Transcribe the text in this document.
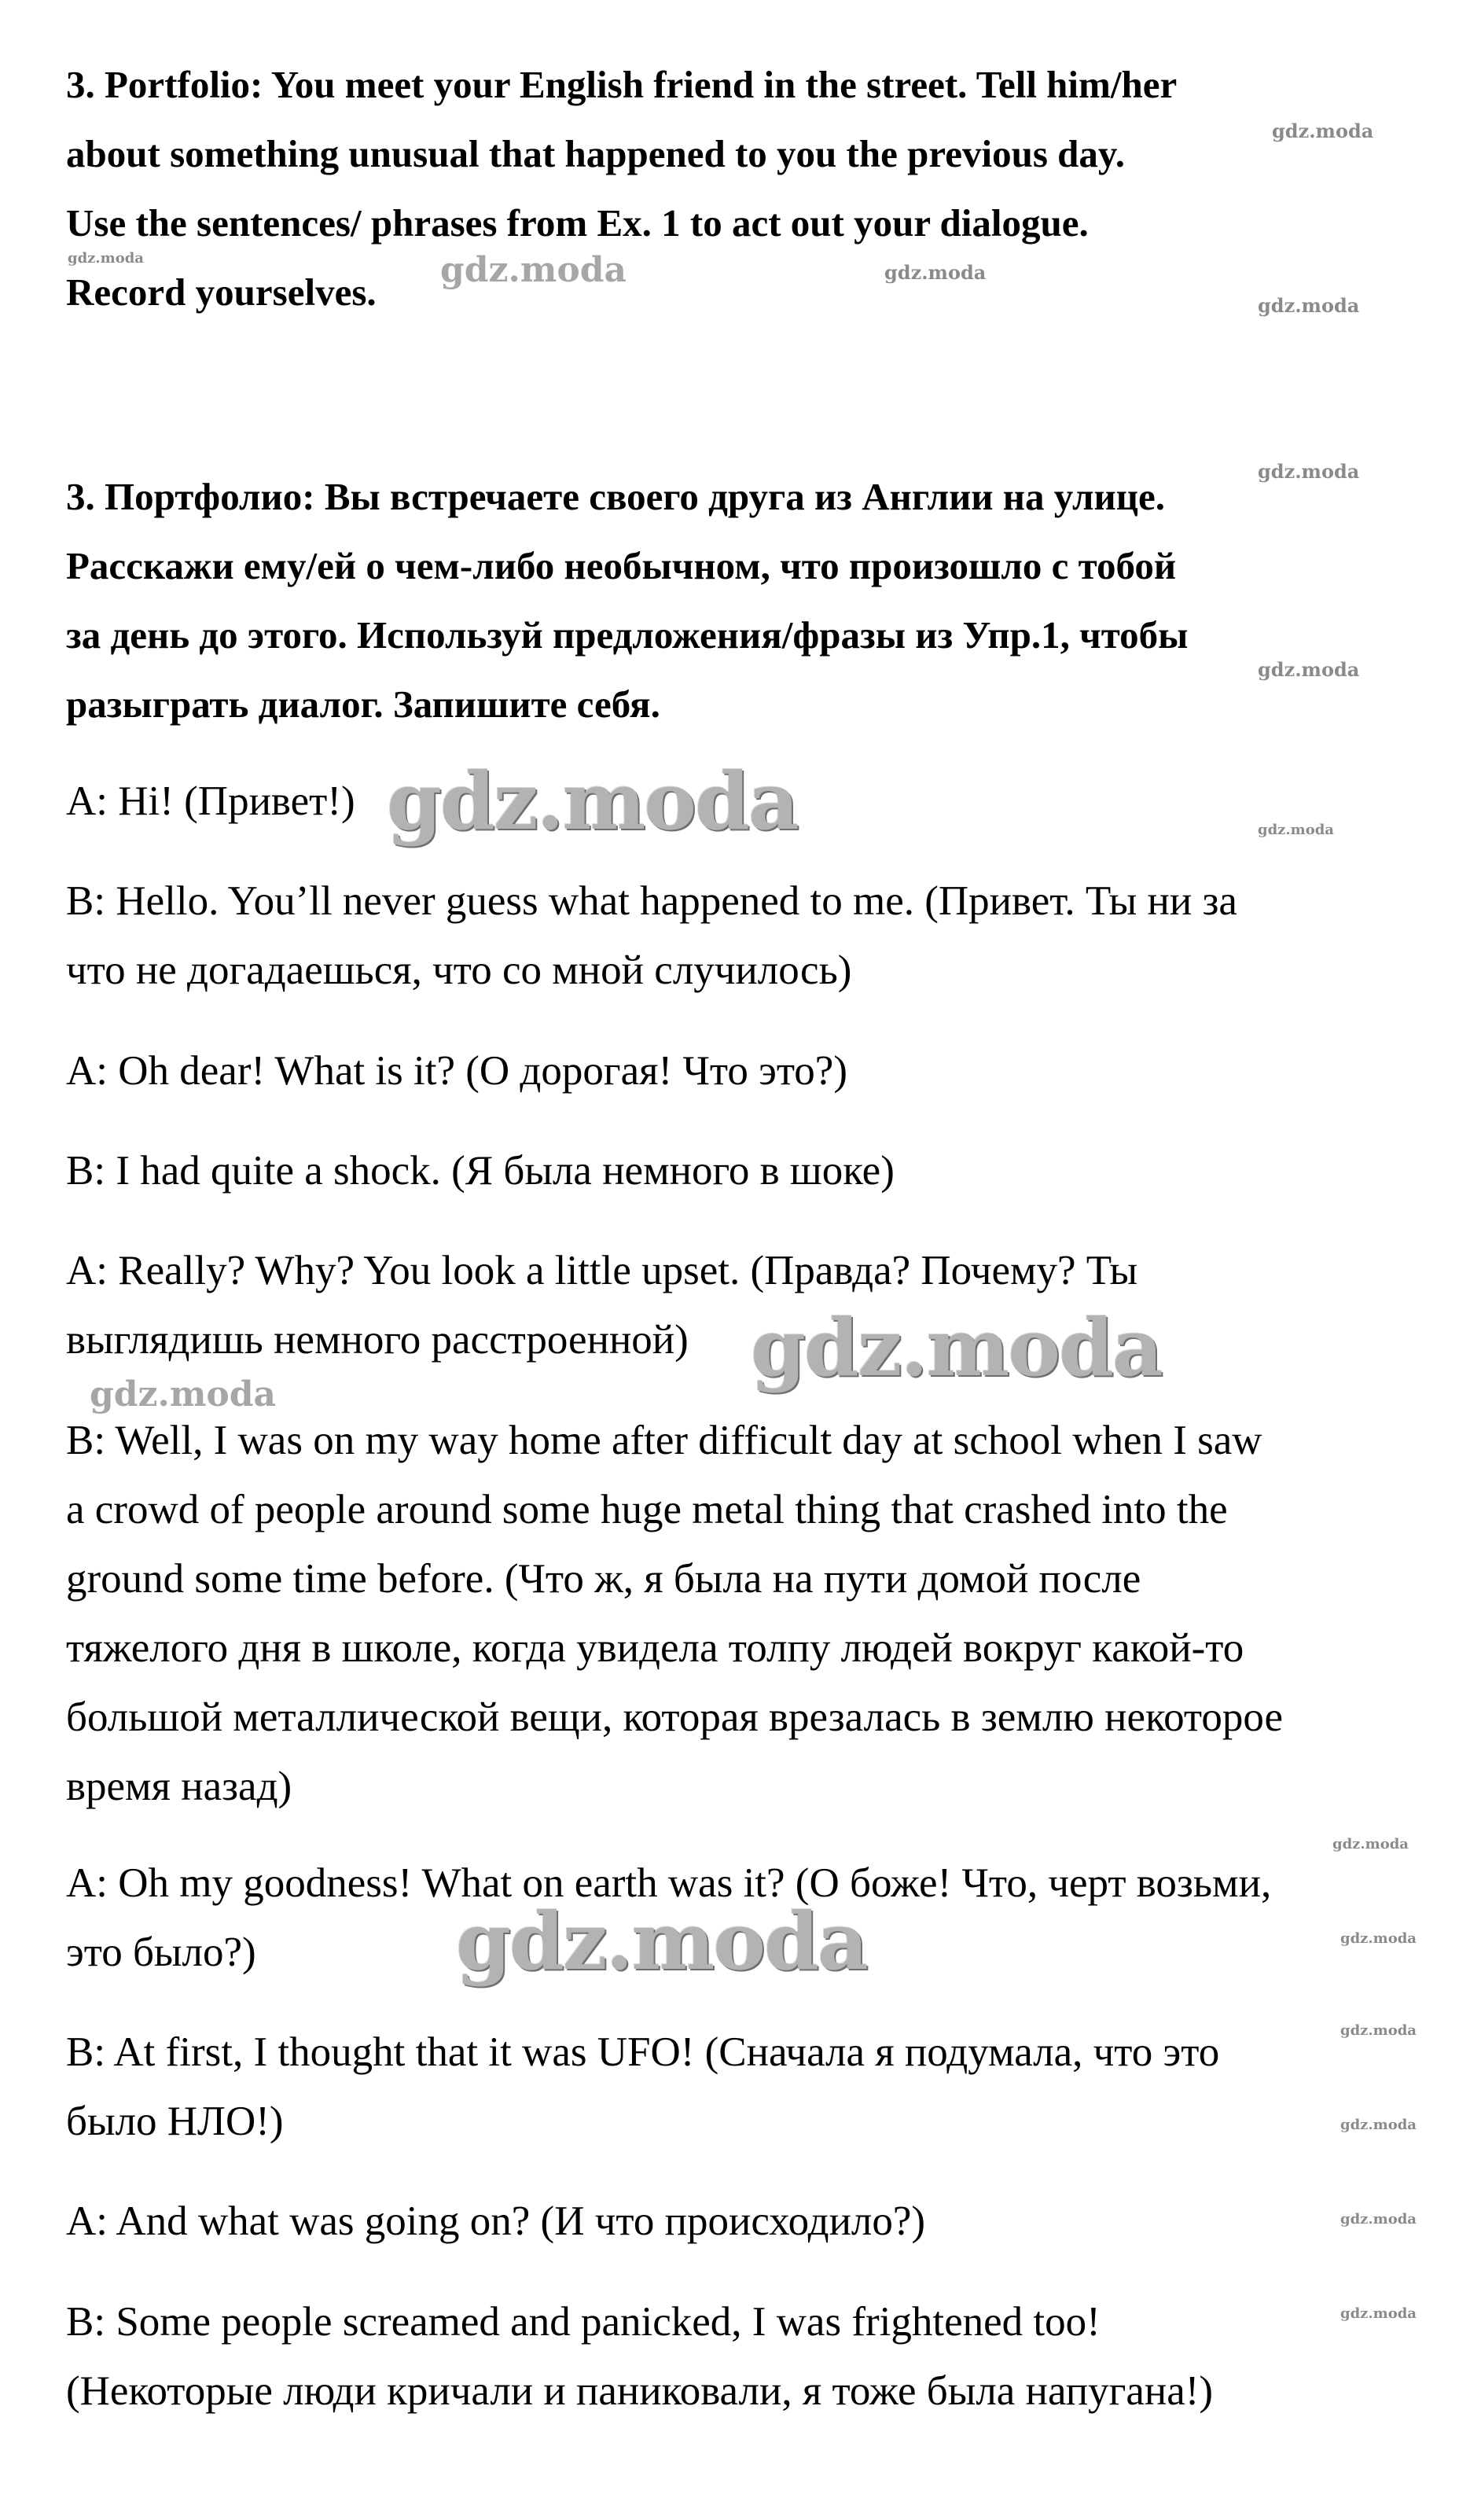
3. Portfolio: You meet your English friend in the street. Tell him/her
about something unusual that happened to you the previous day.
Use the sentences/ phrases from Ex. 1 to act out your dialogue.
Record yourselves.
3. Портфолио: Вы встречаете своего друга из Англии на улице.
Расскажи ему/ей о чем-либо необычном, что произошло с тобой
за день до этого. Используй предложения/фразы из Упр.1, чтобы
разыграть диалог. Запишите себя.
A: Hi! (Привет!)
B: Hello. You’ll never guess what happened to me. (Привет. Ты ни за
что не догадаешься, что со мной случилось)
A: Oh dear! What is it? (О дорогая! Что это?)
B: I had quite a shock. (Я была немного в шоке)
A: Really? Why? You look a little upset. (Правда? Почему? Ты
выглядишь немного расстроенной)
B: Well, I was on my way home after difficult day at school when I saw
a crowd of people around some huge metal thing that crashed into the
ground some time before. (Что ж, я была на пути домой после
тяжелого дня в школе, когда увидела толпу людей вокруг какой-то
большой металлической вещи, которая врезалась в землю некоторое
время назад)
A: Oh my goodness! What on earth was it? (О боже! Что, черт возьми,
это было?)
B: At first, I thought that it was UFO! (Сначала я подумала, что это
было НЛО!)
A: And what was going on? (И что происходило?)
B: Some people screamed and panicked, I was frightened too!
(Некоторые люди кричали и паниковали, я тоже была напугана!)
gdz.moda
gdz.moda	gdz.moda	gdz.moda
gdz.moda
gdz.moda
gdz.moda
gdz.moda	gdz.moda
gdz.moda
gdz.moda
gdz.moda
gdz.moda	gdz.moda
gdz.moda
gdz.moda
gdz.moda
gdz.moda
